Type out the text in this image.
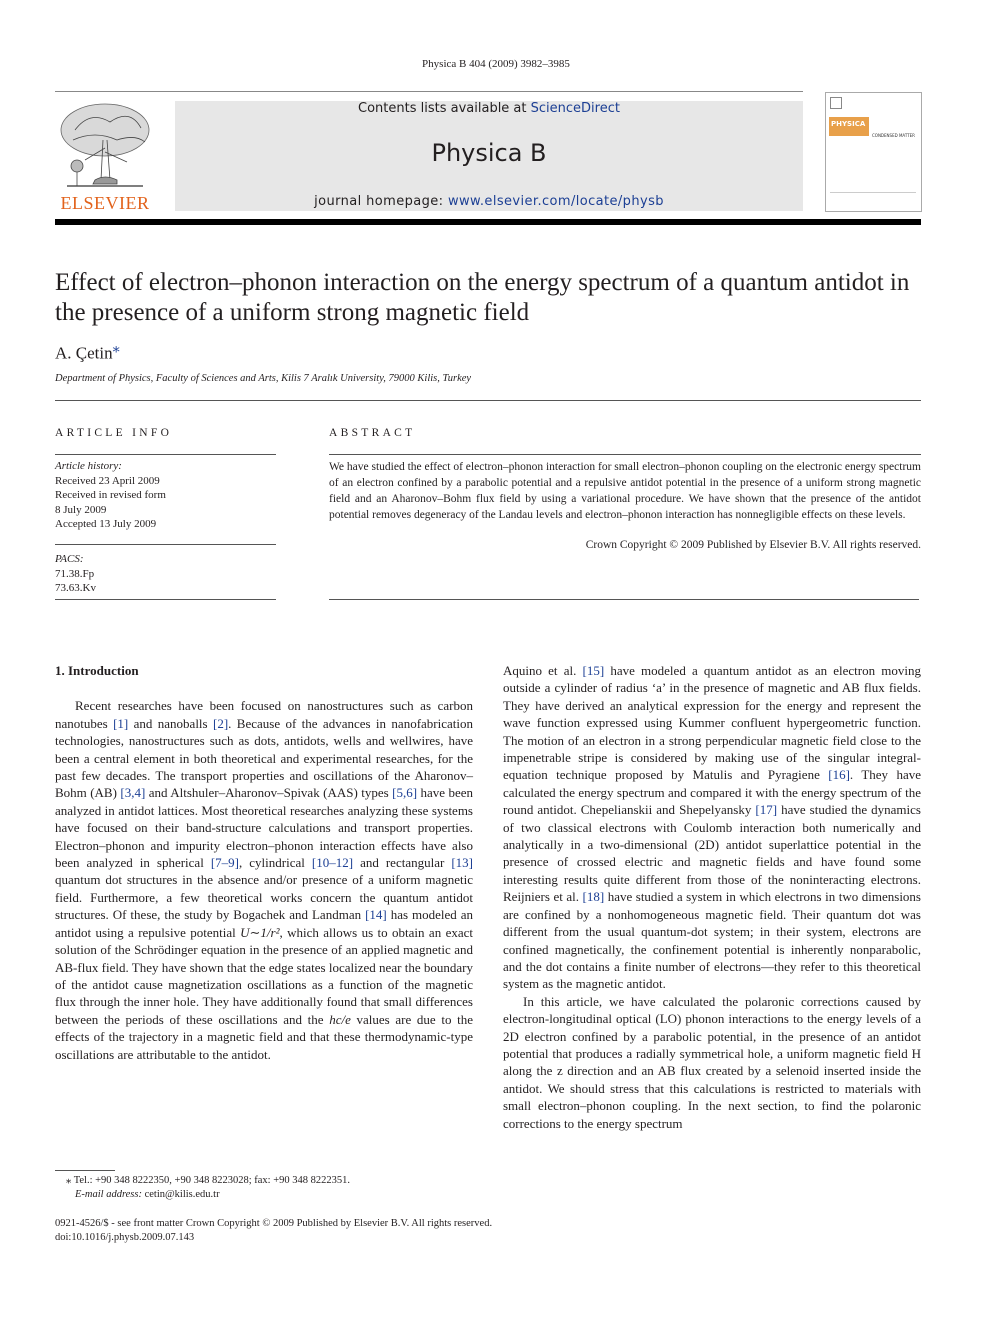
Physica B 404 (2009) 3982–3985
ELSEVIER
Contents lists available at ScienceDirect
Physica B
journal homepage: www.elsevier.com/locate/physb
PHYSICA
CONDENSED MATTER
Effect of electron–phonon interaction on the energy spectrum of a quantum antidot in the presence of a uniform strong magnetic field
A. Çetin⁎
Department of Physics, Faculty of Sciences and Arts, Kilis 7 Aralık University, 79000 Kilis, Turkey
ARTICLE INFO
Article history:
Received 23 April 2009
Received in revised form
8 July 2009
Accepted 13 July 2009
PACS:
71.38.Fp
73.63.Kv
ABSTRACT
We have studied the effect of electron–phonon interaction for small electron–phonon coupling on the electronic energy spectrum of an electron confined by a parabolic potential and a repulsive antidot potential in the presence of a uniform strong magnetic field and an Aharonov–Bohm flux field by using a variational procedure. We have shown that the presence of the antidot potential removes degeneracy of the Landau levels and electron–phonon interaction has nonnegligible effects on these levels.
Crown Copyright © 2009 Published by Elsevier B.V. All rights reserved.
1. Introduction

Recent researches have been focused on nanostructures such as carbon nanotubes [1] and nanoballs [2]. Because of the advances in nanofabrication technologies, nanostructures such as dots, antidots, wells and wellwires, have been a central element in both theoretical and experimental researches, for the past few decades. The transport properties and oscillations of the Aharonov–Bohm (AB) [3,4] and Altshuler–Aharonov–Spivak (AAS) types [5,6] have been analyzed in antidot lattices. Most theoretical researches analyzing these systems have focused on their band-structure calculations and transport properties. Electron–phonon and impurity electron–phonon interaction effects have also been analyzed in spherical [7–9], cylindrical [10–12] and rectangular [13] quantum dot structures in the absence and/or presence of a uniform magnetic field. Furthermore, a few theoretical works concern the quantum antidot structures. Of these, the study by Bogachek and Landman [14] has modeled an antidot using a repulsive potential U∼1/r², which allows us to obtain an exact solution of the Schrödinger equation in the presence of an applied magnetic and AB-flux field. They have shown that the edge states localized near the boundary of the antidot cause magnetization oscillations as a function of the magnetic flux through the inner hole. They have additionally found that small differences between the periods of these oscillations and the hc/e values are due to the effects of the trajectory in a magnetic field and that these thermodynamic-type oscillations are attributable to the antidot.

Aquino et al. [15] have modeled a quantum antidot as an electron moving outside a cylinder of radius ‘a’ in the presence of magnetic and AB flux fields. They have derived an analytical expression for the energy and represent the wave function expressed using Kummer confluent hypergeometric function. The motion of an electron in a strong perpendicular magnetic field close to the impenetrable stripe is considered by making use of the singular integral-equation technique proposed by Matulis and Pyragiene [16]. They have calculated the energy spectrum and compared it with the energy spectrum of the round antidot. Chepelianskii and Shepelyansky [17] have studied the dynamics of two classical electrons with Coulomb interaction both numerically and analytically in a two-dimensional (2D) antidot superlattice potential in the presence of crossed electric and magnetic fields and have found some interesting results quite different from those of the noninteracting electrons. Reijniers et al. [18] have studied a system in which electrons in two dimensions are confined by a nonhomogeneous magnetic field. Their quantum dot was different from the usual quantum-dot system; in their system, electrons are confined magnetically, the confinement potential is inherently nonparabolic, and the dot contains a finite number of electrons—they refer to this theoretical system as the magnetic antidot.

In this article, we have calculated the polaronic corrections caused by electron-longitudinal optical (LO) phonon interactions to the energy levels of a 2D electron confined by a parabolic potential, in the presence of an antidot potential that produces a radially symmetrical hole, a uniform magnetic field H along the z direction and an AB flux created by a selenoid inserted inside the antidot. We should stress that this calculations is restricted to materials with small electron–phonon coupling. In the next section, to find the polaronic corrections to the energy spectrum

⁎ Tel.: +90 348 8222350, +90 348 8223028; fax: +90 348 8222351.
E-mail address: cetin@kilis.edu.tr
0921-4526/$ - see front matter Crown Copyright © 2009 Published by Elsevier B.V. All rights reserved.
doi:10.1016/j.physb.2009.07.143
